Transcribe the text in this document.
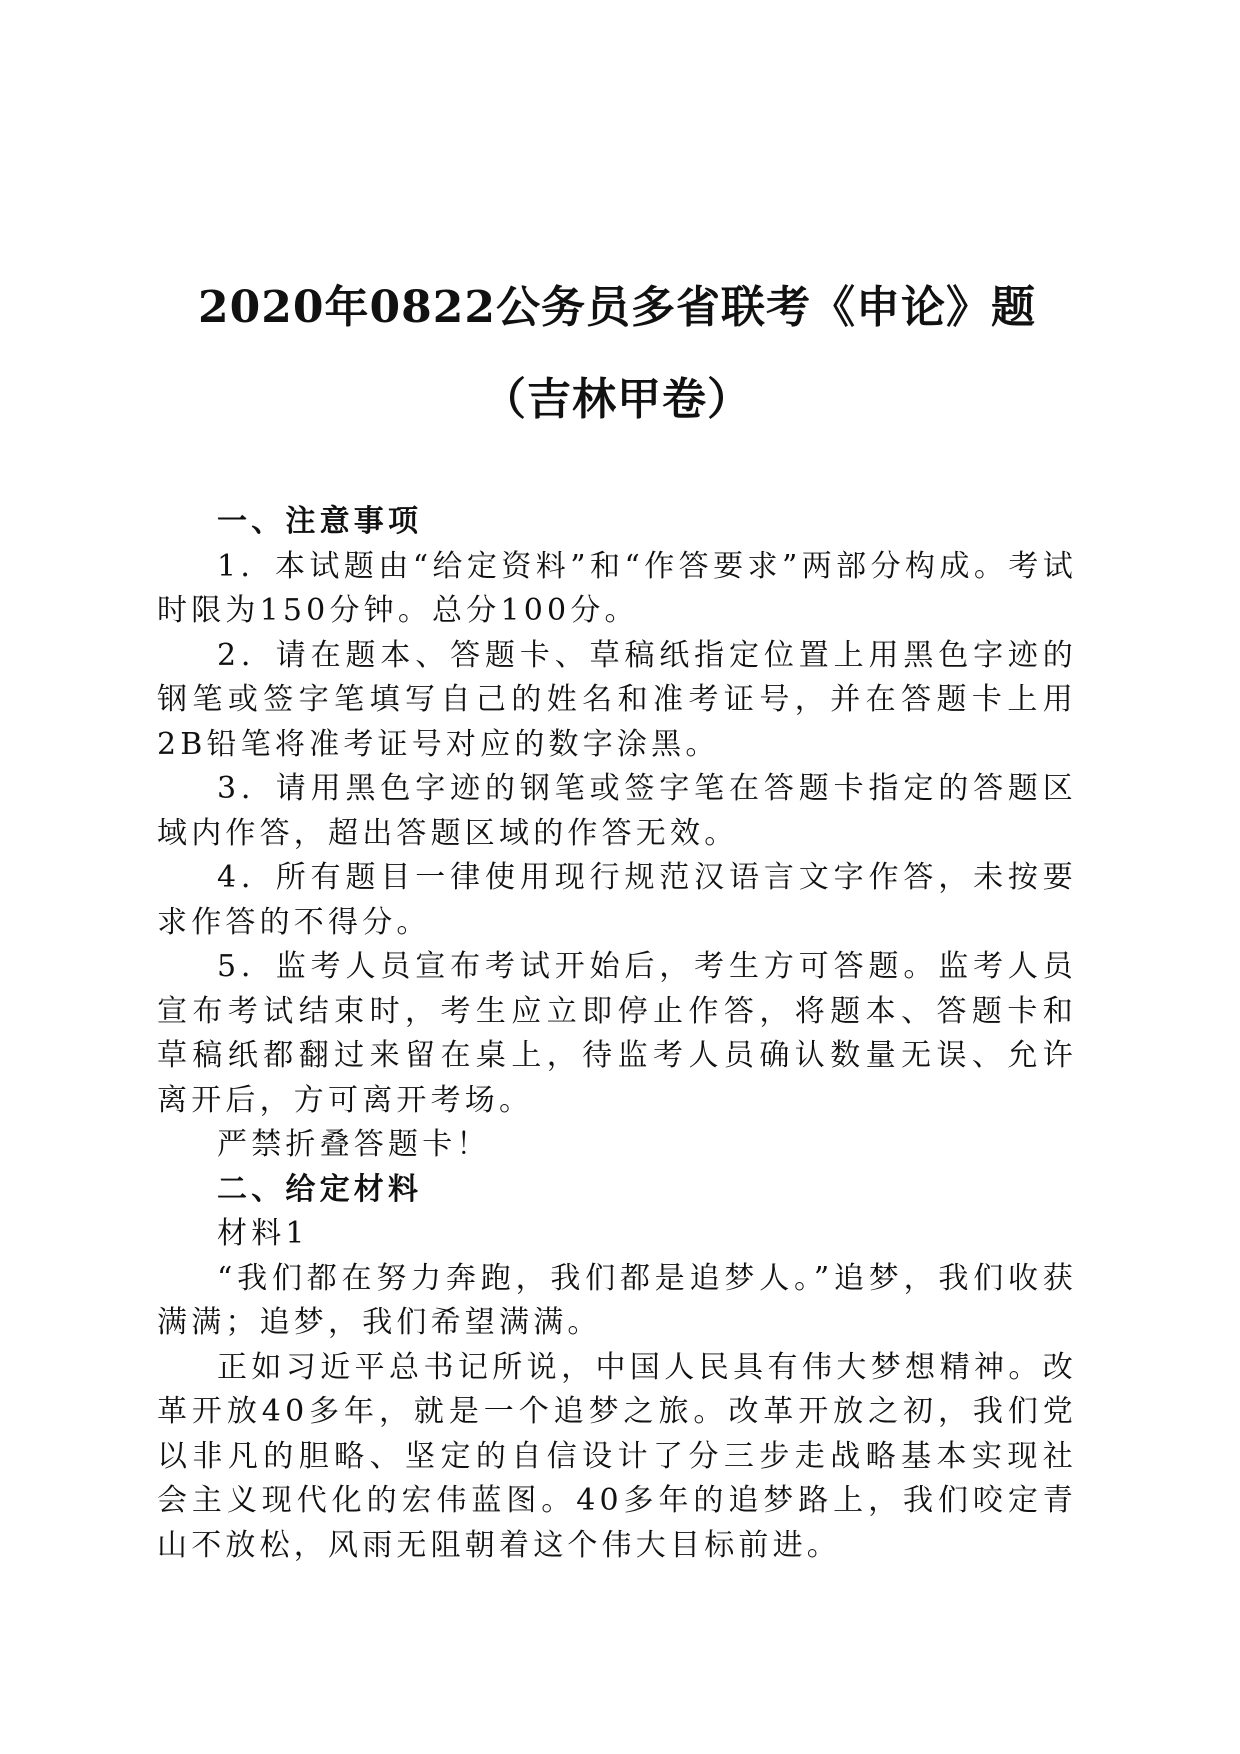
2020年0822公务员多省联考《申论》题（吉林甲卷）
一、注意事项

1．本试题由“给定资料”和“作答要求”两部分构成。考试时限为150分钟。总分100分。

2．请在题本、答题卡、草稿纸指定位置上用黑色字迹的钢笔或签字笔填写自己的姓名和准考证号，并在答题卡上用2B铅笔将准考证号对应的数字涂黑。

3．请用黑色字迹的钢笔或签字笔在答题卡指定的答题区域内作答，超出答题区域的作答无效。

4．所有题目一律使用现行规范汉语言文字作答，未按要求作答的不得分。

5．监考人员宣布考试开始后，考生方可答题。监考人员宣布考试结束时，考生应立即停止作答，将题本、答题卡和草稿纸都翻过来留在桌上，待监考人员确认数量无误、允许离开后，方可离开考场。

严禁折叠答题卡！

二、给定材料

材料1

“我们都在努力奔跑，我们都是追梦人。”追梦，我们收获满满；追梦，我们希望满满。

正如习近平总书记所说，中国人民具有伟大梦想精神。改革开放40多年，就是一个追梦之旅。改革开放之初，我们党以非凡的胆略、坚定的自信设计了分三步走战略基本实现社会主义现代化的宏伟蓝图。40多年的追梦路上，我们咬定青山不放松，风雨无阻朝着这个伟大目标前进。
